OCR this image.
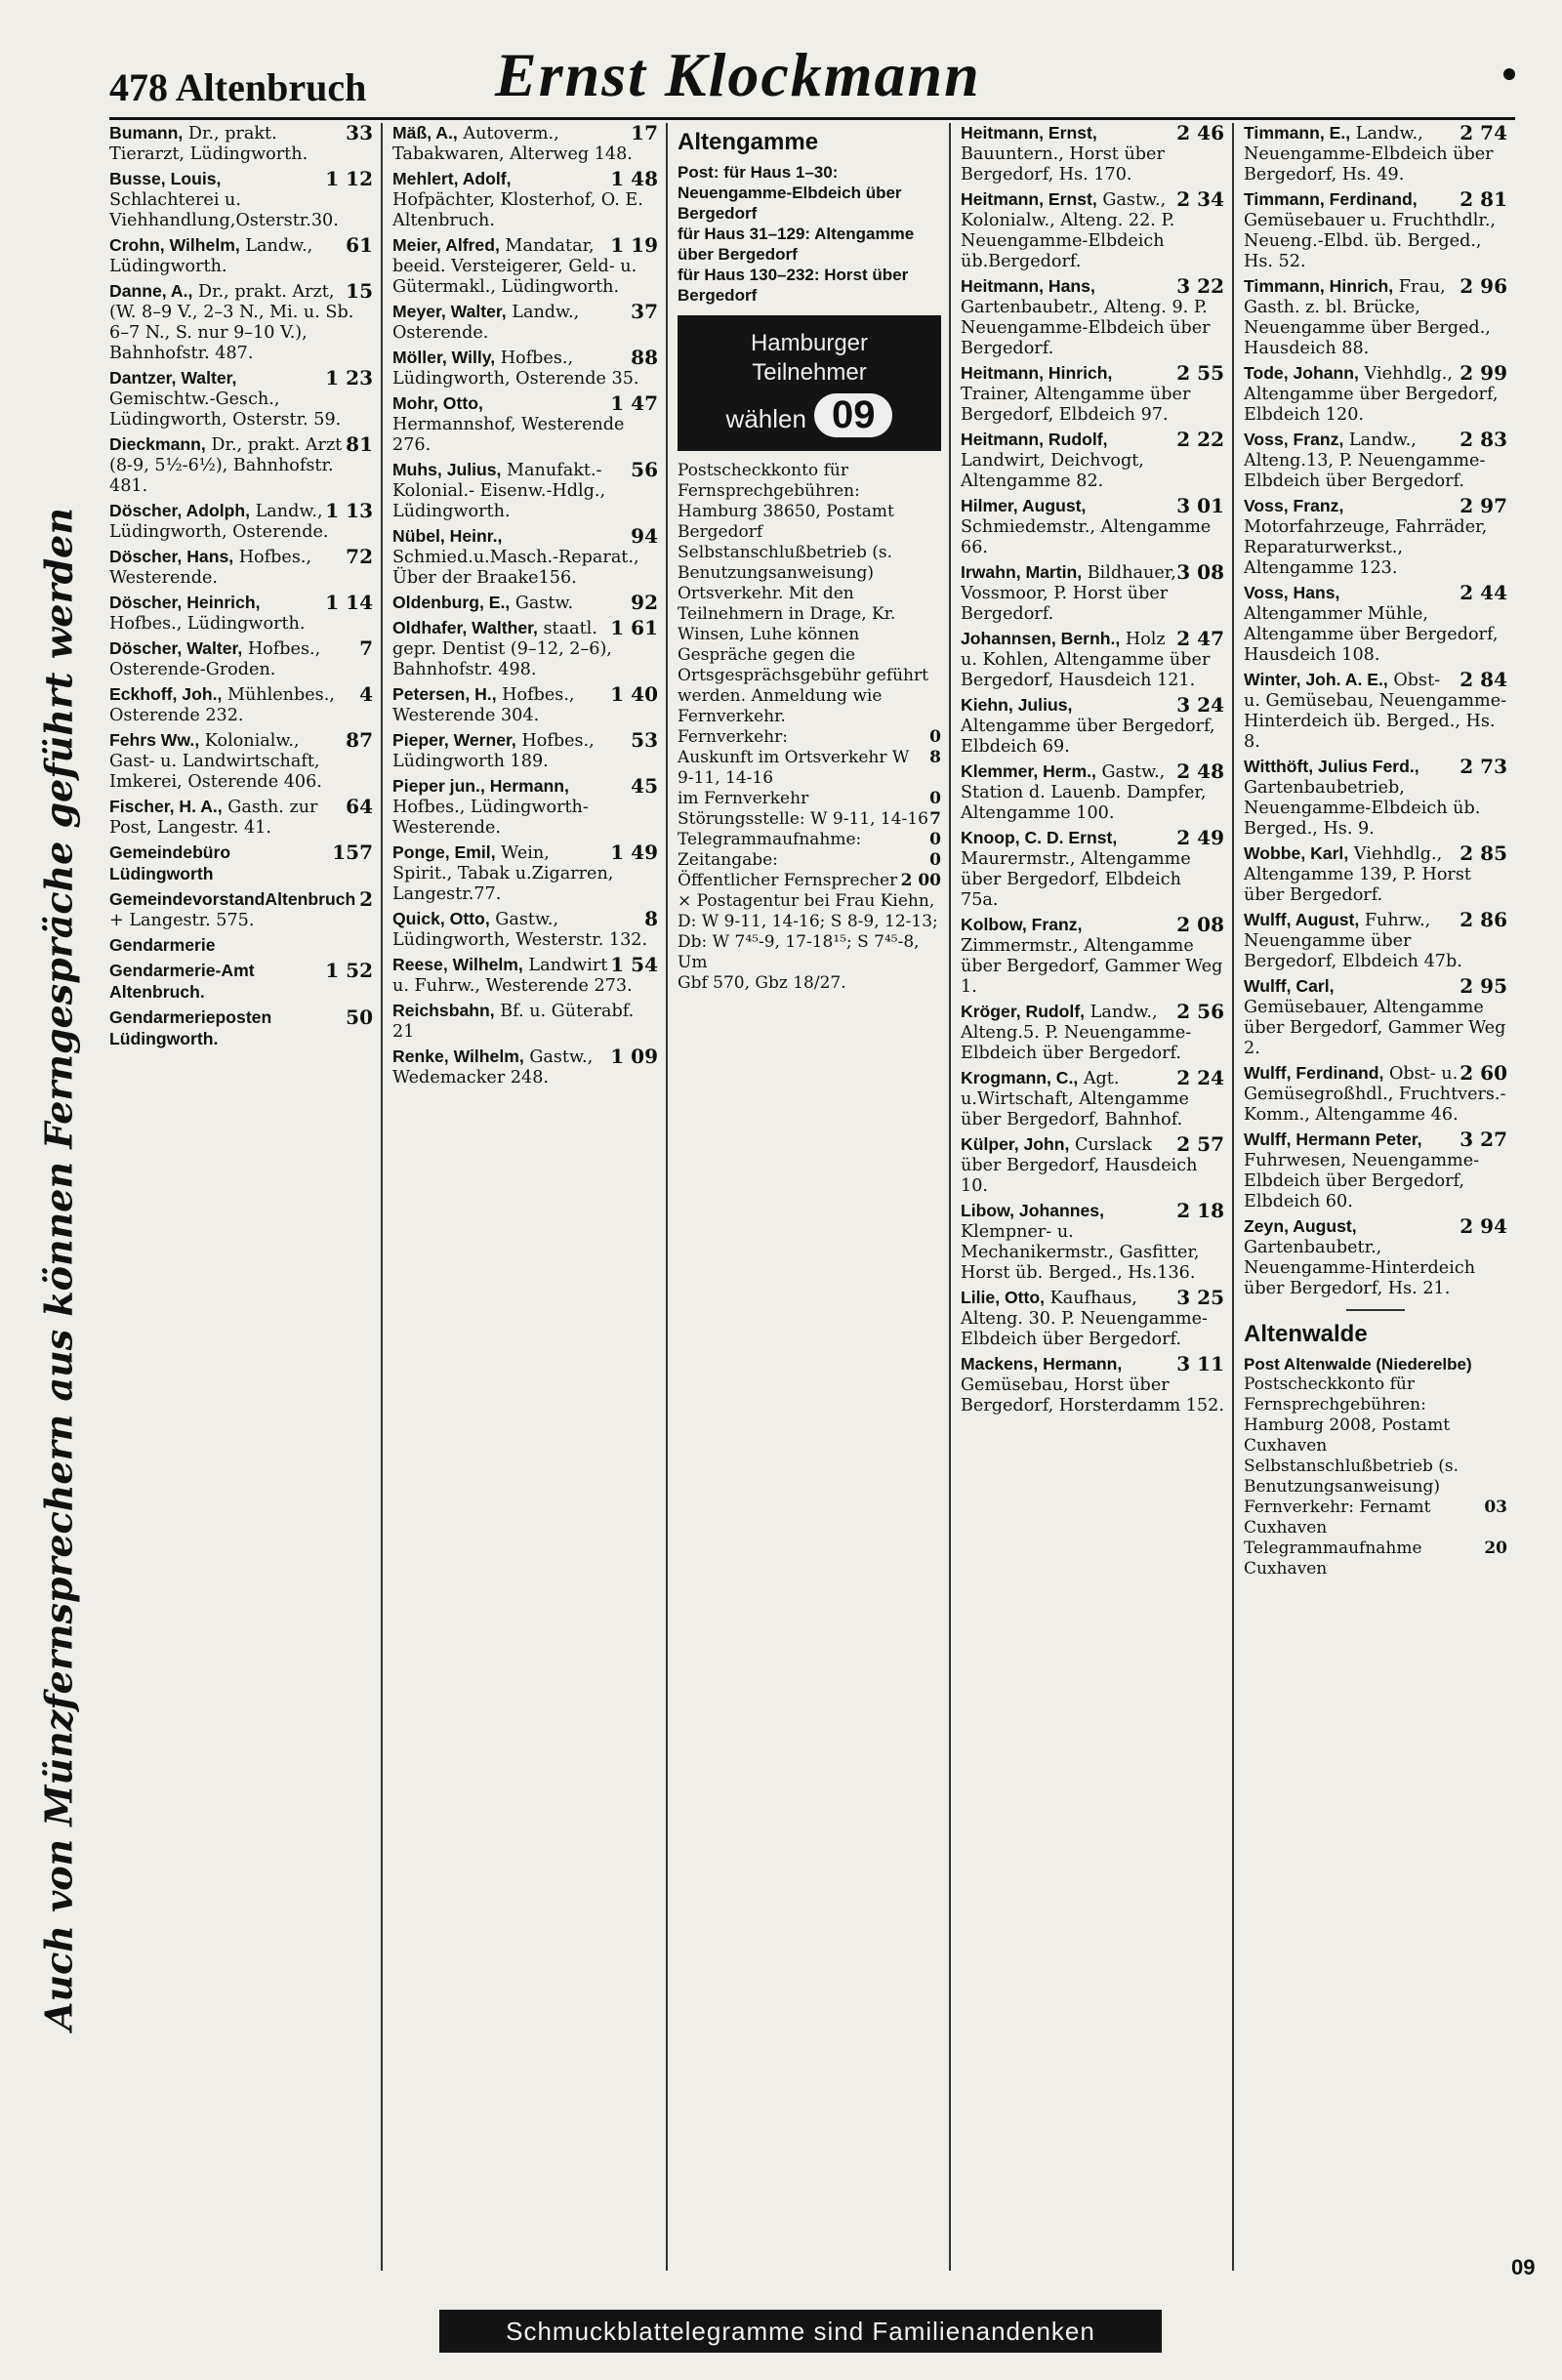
478 Altenbruch Ernst Klockmann
Auch von Münzfernsprechern aus können Ferngespräche geführt werden
33
Bumann, Dr., prakt. Tierarzt, Lüdingworth.
1 12
Busse, Louis, Schlachterei u. Viehhandlung,Osterstr.30.
61
Crohn, Wilhelm, Landw., Lüdingworth.
15
Danne, A., Dr., prakt. Arzt, (W. 8–9 V., 2–3 N., Mi. u. Sb. 6–7 N., S. nur 9–10 V.), Bahnhofstr. 487.
1 23
Dantzer, Walter, Gemischtw.-Gesch., Lüdingworth, Osterstr. 59.
81
Dieckmann, Dr., prakt. Arzt (8-9, 5½-6½), Bahnhofstr. 481.
1 13
Döscher, Adolph, Landw., Lüdingworth, Osterende.
72
Döscher, Hans, Hofbes., Westerende.
1 14
Döscher, Heinrich, Hofbes., Lüdingworth.
7
Döscher, Walter, Hofbes., Osterende-Groden.
4
Eckhoff, Joh., Mühlenbes., Osterende 232.
87
Fehrs Ww., Kolonialw., Gast- u. Landwirtschaft, Imkerei, Osterende 406.
64
Fischer, H. A., Gasth. zur Post, Langestr. 41.
157
Gemeindebüro Lüdingworth
2
GemeindevorstandAltenbruch + Langestr. 575.
Gendarmerie
1 52
Gendarmerie-Amt Altenbruch.
50
Gendarmerieposten Lüdingworth.
17
Mäß, A., Autoverm., Tabakwaren, Alterweg 148.
1 48
Mehlert, Adolf, Hofpächter, Klosterhof, O. E. Altenbruch.
1 19
Meier, Alfred, Mandatar, beeid. Versteigerer, Geld- u. Gütermakl., Lüdingworth.
37
Meyer, Walter, Landw., Osterende.
88
Möller, Willy, Hofbes., Lüdingworth, Osterende 35.
1 47
Mohr, Otto, Hermannshof, Westerende 276.
56
Muhs, Julius, Manufakt.- Kolonial.- Eisenw.-Hdlg., Lüdingworth.
94
Nübel, Heinr., Schmied.u.Masch.-Reparat., Über der Braake156.
92
Oldenburg, E., Gastw.
1 61
Oldhafer, Walther, staatl. gepr. Dentist (9–12, 2–6), Bahnhofstr. 498.
1 40
Petersen, H., Hofbes., Westerende 304.
53
Pieper, Werner, Hofbes., Lüdingworth 189.
45
Pieper jun., Hermann, Hofbes., Lüdingworth-Westerende.
1 49
Ponge, Emil, Wein, Spirit., Tabak u.Zigarren, Langestr.77.
8
Quick, Otto, Gastw., Lüdingworth, Westerstr. 132.
1 54
Reese, Wilhelm, Landwirt u. Fuhrw., Westerende 273.
Reichsbahn, Bf. u. Güterabf. 21
1 09
Renke, Wilhelm, Gastw., Wedemacker 248.
Altengamme
Post: für Haus 1–30:
Neuengamme-Elbdeich über Bergedorf
für Haus 31–129: Altengamme über Bergedorf
für Haus 130–232: Horst über Bergedorf
Hamburger
Teilnehmer
wählen 09
Postscheckkonto für Fernsprechgebühren: Hamburg 38650, Postamt Bergedorf
Selbstanschlußbetrieb (s. Benutzungsanweisung)
Ortsverkehr. Mit den Teilnehmern in Drage, Kr. Winsen, Luhe können Gespräche gegen die Ortsgesprächsgebühr geführt werden. Anmeldung wie Fernverkehr.
0
Fernverkehr:
8
Auskunft im Ortsverkehr W 9-11, 14-16
0
im Fernverkehr
7
Störungsstelle: W 9-11, 14-16
0
Telegrammaufnahme:
0
Zeitangabe:
2 00
Öffentlicher Fernsprecher × Postagentur bei Frau Kiehn, D: W 9-11, 14-16; S 8-9, 12-13; Db: W 7⁴⁵-9, 17-18¹⁵; S 7⁴⁵-8, Um
Gbf 570, Gbz 18/27.
2 46
Heitmann, Ernst, Bauuntern., Horst über Bergedorf, Hs. 170.
2 34
Heitmann, Ernst, Gastw., Kolonialw., Alteng. 22. P. Neuengamme-Elbdeich üb.Bergedorf.
3 22
Heitmann, Hans, Gartenbaubetr., Alteng. 9. P. Neuengamme-Elbdeich über Bergedorf.
2 55
Heitmann, Hinrich, Trainer, Altengamme über Bergedorf, Elbdeich 97.
2 22
Heitmann, Rudolf, Landwirt, Deichvogt, Altengamme 82.
3 01
Hilmer, August, Schmiedemstr., Altengamme 66.
3 08
Irwahn, Martin, Bildhauer, Vossmoor, P. Horst über Bergedorf.
2 47
Johannsen, Bernh., Holz u. Kohlen, Altengamme über Bergedorf, Hausdeich 121.
3 24
Kiehn, Julius, Altengamme über Bergedorf, Elbdeich 69.
2 48
Klemmer, Herm., Gastw., Station d. Lauenb. Dampfer, Altengamme 100.
2 49
Knoop, C. D. Ernst, Maurermstr., Altengamme über Bergedorf, Elbdeich 75a.
2 08
Kolbow, Franz, Zimmermstr., Altengamme über Bergedorf, Gammer Weg 1.
2 56
Kröger, Rudolf, Landw., Alteng.5. P. Neuengamme-Elbdeich über Bergedorf.
2 24
Krogmann, C., Agt. u.Wirtschaft, Altengamme über Bergedorf, Bahnhof.
2 57
Külper, John, Curslack über Bergedorf, Hausdeich 10.
2 18
Libow, Johannes, Klempner- u. Mechanikermstr., Gasfitter, Horst üb. Berged., Hs.136.
3 25
Lilie, Otto, Kaufhaus, Alteng. 30. P. Neuengamme-Elbdeich über Bergedorf.
3 11
Mackens, Hermann, Gemüsebau, Horst über Bergedorf, Horsterdamm 152.
2 74
Timmann, E., Landw., Neuengamme-Elbdeich über Bergedorf, Hs. 49.
2 81
Timmann, Ferdinand, Gemüsebauer u. Fruchthdlr., Neueng.-Elbd. üb. Berged., Hs. 52.
2 96
Timmann, Hinrich, Frau, Gasth. z. bl. Brücke, Neuengamme über Berged., Hausdeich 88.
2 99
Tode, Johann, Viehhdlg., Altengamme über Bergedorf, Elbdeich 120.
2 83
Voss, Franz, Landw., Alteng.13, P. Neuengamme-Elbdeich über Bergedorf.
2 97
Voss, Franz, Motorfahrzeuge, Fahrräder, Reparaturwerkst., Altengamme 123.
2 44
Voss, Hans, Altengammer Mühle, Altengamme über Bergedorf, Hausdeich 108.
2 84
Winter, Joh. A. E., Obst- u. Gemüsebau, Neuengamme-Hinterdeich üb. Berged., Hs. 8.
2 73
Witthöft, Julius Ferd., Gartenbaubetrieb, Neuengamme-Elbdeich üb. Berged., Hs. 9.
2 85
Wobbe, Karl, Viehhdlg., Altengamme 139, P. Horst über Bergedorf.
2 86
Wulff, August, Fuhrw., Neuengamme über Bergedorf, Elbdeich 47b.
2 95
Wulff, Carl, Gemüsebauer, Altengamme über Bergedorf, Gammer Weg 2.
2 60
Wulff, Ferdinand, Obst- u. Gemüsegroßhdl., Fruchtvers.-Komm., Altengamme 46.
3 27
Wulff, Hermann Peter, Fuhrwesen, Neuengamme-Elbdeich über Bergedorf, Elbdeich 60.
2 94
Zeyn, August, Gartenbaubetr., Neuengamme-Hinterdeich über Bergedorf, Hs. 21.
Altenwalde
Post Altenwalde (Niederelbe)
Postscheckkonto für Fernsprechgebühren: Hamburg 2008, Postamt Cuxhaven
Selbstanschlußbetrieb (s. Benutzungsanweisung)
03
Fernverkehr: Fernamt Cuxhaven
20
Telegrammaufnahme Cuxhaven
Schmuckblattelegramme sind Familienandenken
09
